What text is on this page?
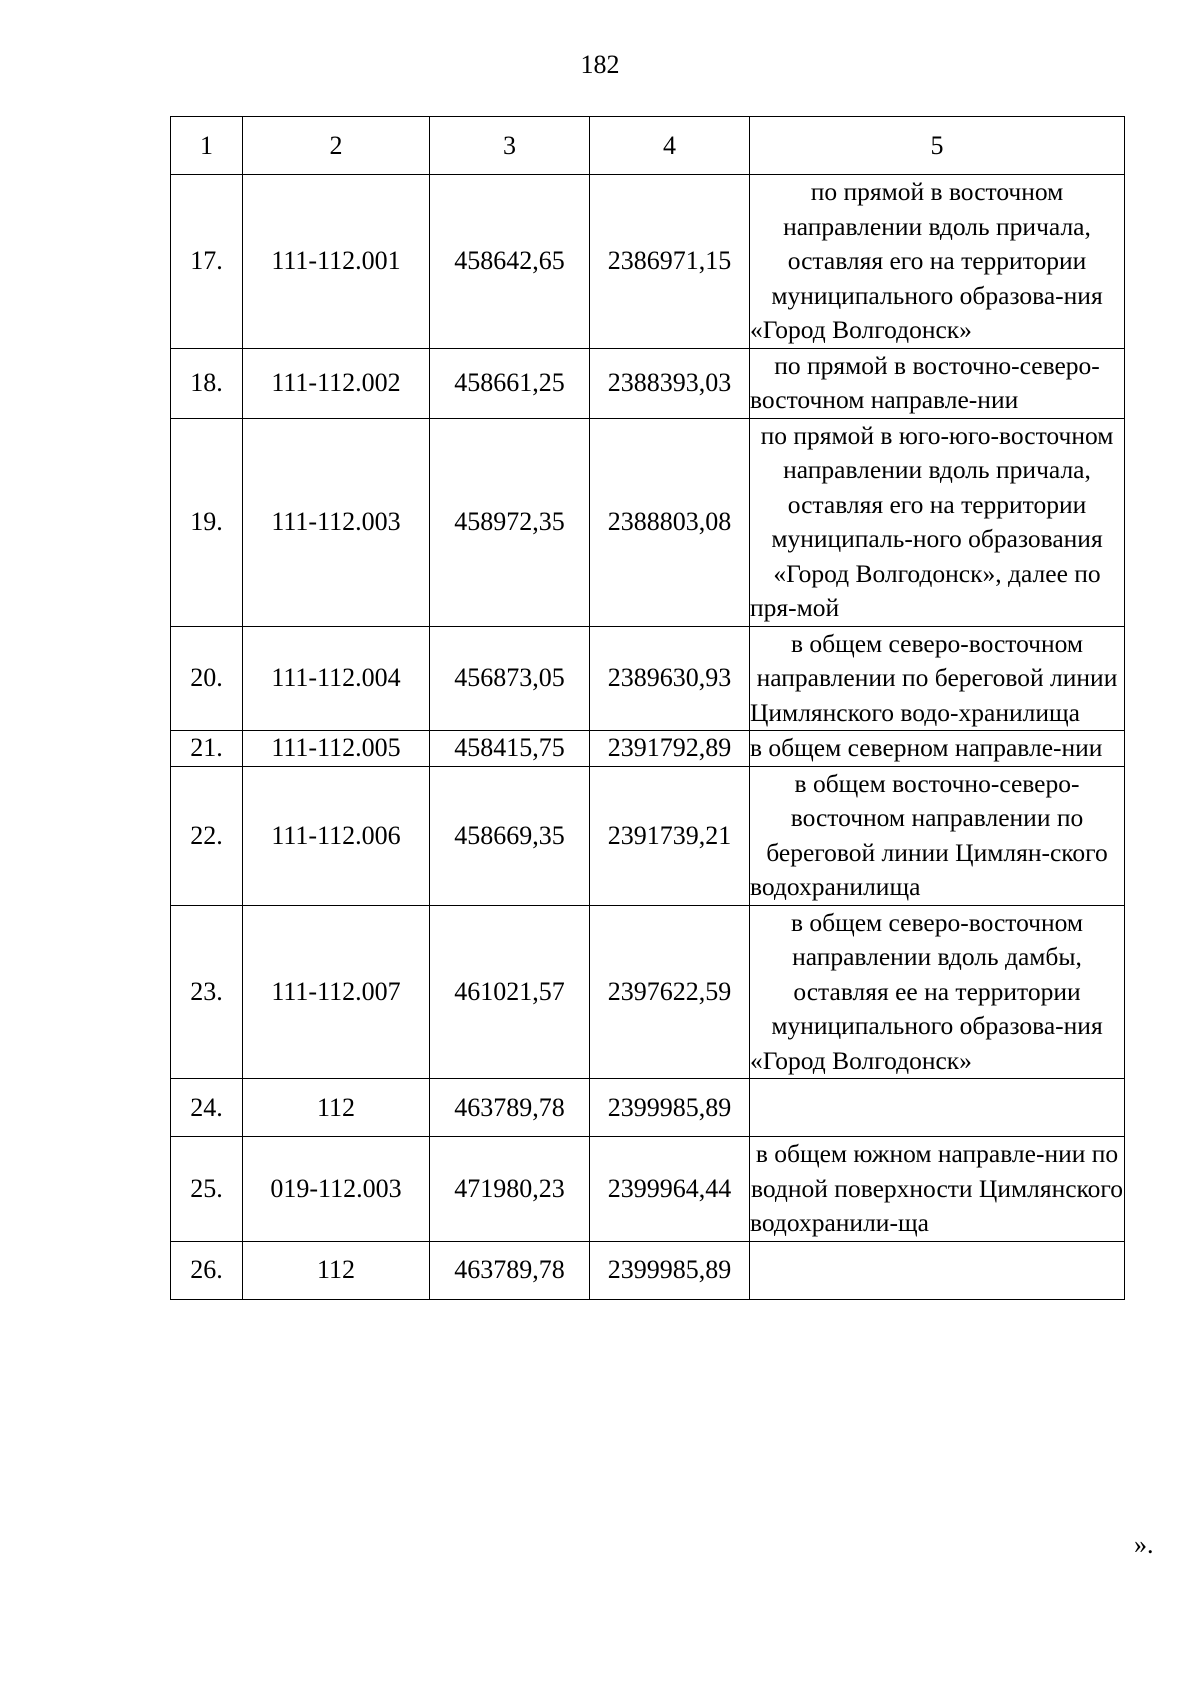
182
1	2	3	4	5
17.	111-112.001	458642,65	2386971,15	по прямой в восточном направлении вдоль причала, оставляя его на территории муниципального образова-ния «Город Волгодонск»
18.	111-112.002	458661,25	2388393,03	по прямой в восточно-северо-восточном направле-нии
19.	111-112.003	458972,35	2388803,08	по прямой в юго-юго-восточном направлении вдоль причала, оставляя его на территории муниципаль-ного образования «Город Волгодонск», далее по пря-мой
20.	111-112.004	456873,05	2389630,93	в общем северо-восточном направлении по береговой линии Цимлянского водо-хранилища
21.	111-112.005	458415,75	2391792,89	в общем северном направле-нии
22.	111-112.006	458669,35	2391739,21	в общем восточно-северо-восточном направлении по береговой линии Цимлян-ского водохранилища
23.	111-112.007	461021,57	2397622,59	в общем северо-восточном направлении вдоль дамбы, оставляя ее на территории муниципального образова-ния «Город Волгодонск»
24.	112	463789,78	2399985,89	
25.	019-112.003	471980,23	2399964,44	в общем южном направле-нии по водной поверхности Цимлянского водохранили-ща
26.	112	463789,78	2399985,89	
».
